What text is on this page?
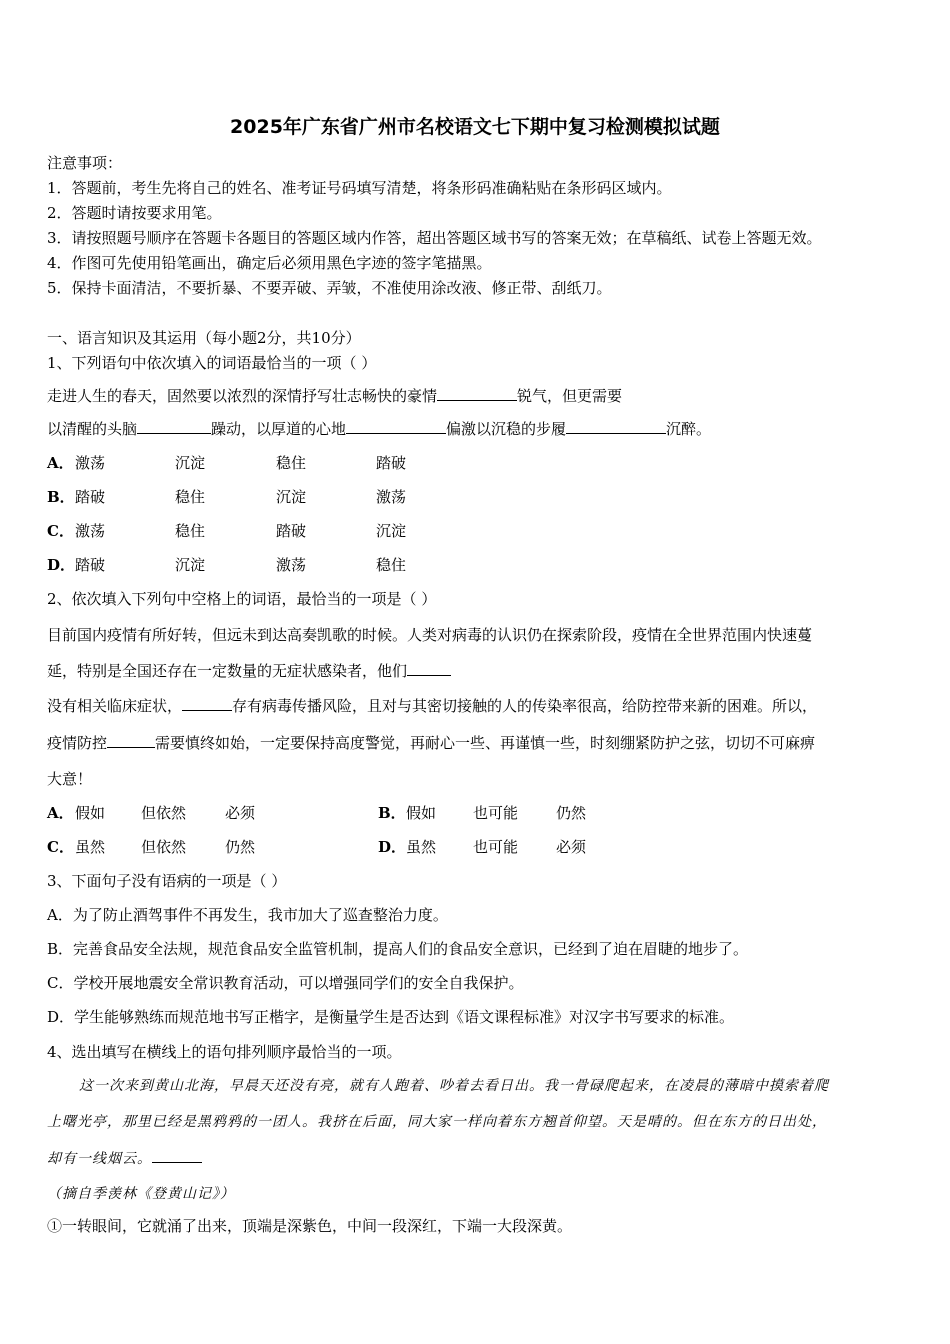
2025年广东省广州市名校语文七下期中复习检测模拟试题
注意事项：
1．答题前，考生先将自己的姓名、准考证号码填写清楚，将条形码准确粘贴在条形码区域内。
2．答题时请按要求用笔。
3．请按照题号顺序在答题卡各题目的答题区域内作答，超出答题区域书写的答案无效；在草稿纸、试卷上答题无效。
4．作图可先使用铅笔画出，确定后必须用黑色字迹的签字笔描黑。
5．保持卡面清洁，不要折暴、不要弄破、弄皱，不准使用涂改液、修正带、刮纸刀。
一、语言知识及其运用（每小题2分，共10分）
1、下列语句中依次填入的词语最恰当的一项（ ）
走进人生的春天，固然要以浓烈的深情抒写壮志畅快的豪情	锐气，但更需要
以清醒的头脑	躁动，以厚道的心地	偏激以沉稳的步履	沉醉。
A． 激荡	沉淀	稳住	踏破
B． 踏破	稳住	沉淀	激荡
C． 激荡	稳住	踏破	沉淀
D． 踏破	沉淀	激荡	稳住
2、依次填入下列句中空格上的词语，最恰当的一项是（ ）
目前国内疫情有所好转，但远未到达高奏凯歌的时候。人类对病毒的认识仍在探索阶段，疫情在全世界范围内快速蔓
延，特别是全国还存在一定数量的无症状感染者，他们
没有相关临床症状，	存有病毒传播风险，且对与其密切接触的人的传染率很高，给防控带来新的困难。所以，
疫情防控	需要慎终如始，一定要保持高度警觉，再耐心一些、再谨慎一些，时刻绷紧防护之弦，切切不可麻痹
大意！
A． 假如 但依然	必须	B． 假如 也可能	仍然
C． 虽然 但依然	仍然	D． 虽然 也可能	必须
3、下面句子没有语病的一项是（ ）
A．为了防止酒驾事件不再发生，我市加大了巡查整治力度。
B．完善食品安全法规，规范食品安全监管机制，提高人们的食品安全意识，已经到了迫在眉睫的地步了。
C．学校开展地震安全常识教育活动，可以增强同学们的安全自我保护。
D．学生能够熟练而规范地书写正楷字，是衡量学生是否达到《语文课程标准》对汉字书写要求的标准。
4、选出填写在横线上的语句排列顺序最恰当的一项。
这一次来到黄山北海，早晨天还没有亮，就有人跑着、吵着去看日出。我一骨碌爬起来，在凌晨的薄暗中摸索着爬
上曙光亭，那里已经是黑鸦鸦的一团人。我挤在后面，同大家一样向着东方翘首仰望。天是晴的。但在东方的日出处，
却有一线烟云。
（摘自季羡林《登黄山记》）
①一转眼间，它就涌了出来，顶端是深紫色，中间一段深红，下端一大段深黄。
